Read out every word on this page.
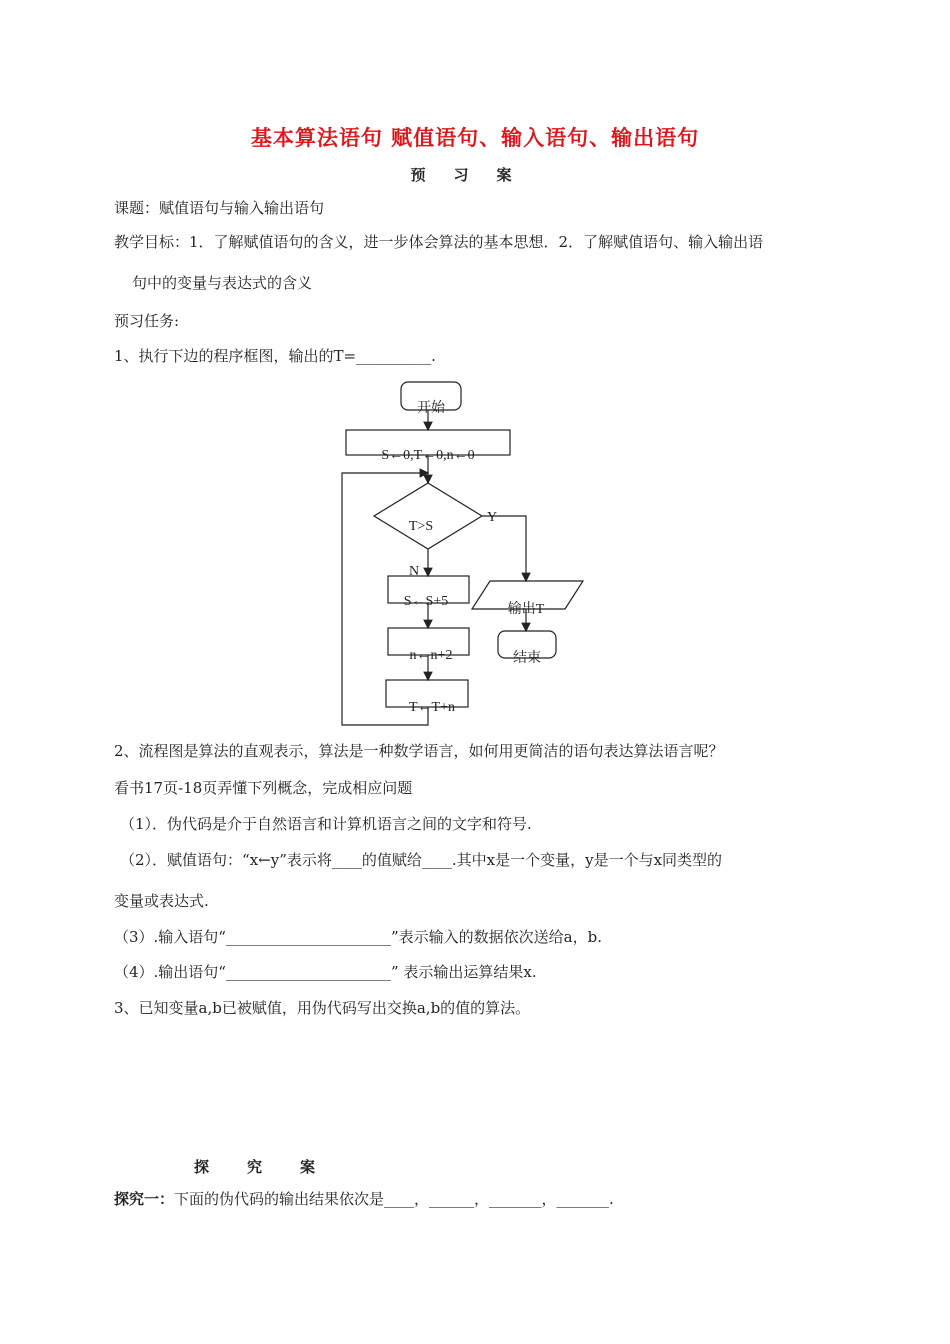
基本算法语句 赋值语句、输入语句、输出语句
预习案
课题：赋值语句与输入输出语句
教学目标：1．了解赋值语句的含义，进一步体会算法的基本思想．2．了解赋值语句、输入输出语
句中的变量与表达式的含义
预习任务:
1、执行下边的程序框图，输出的T=__________.
开始
S←0,T←0,n←0
T>S
Y
N
S←S+5
n←n+2
T←T+n
输出T
结束
2、流程图是算法的直观表示，算法是一种数学语言，如何用更简洁的语句表达算法语言呢？
看书17页-18页弄懂下列概念，完成相应问题
（1）．伪代码是介于自然语言和计算机语言之间的文字和符号.
（2）．赋值语句：“x←y”表示将____的值赋给____.其中x是一个变量，y是一个与x同类型的
变量或表达式.
（3）.输入语句“______________________”表示输入的数据依次送给a，b.
（4）.输出语句“______________________” 表示输出运算结果x.
3、已知变量a,b已被赋值，用伪代码写出交换a,b的值的算法。
探究案
探究一：下面的伪代码的输出结果依次是____，______，_______，_______.
